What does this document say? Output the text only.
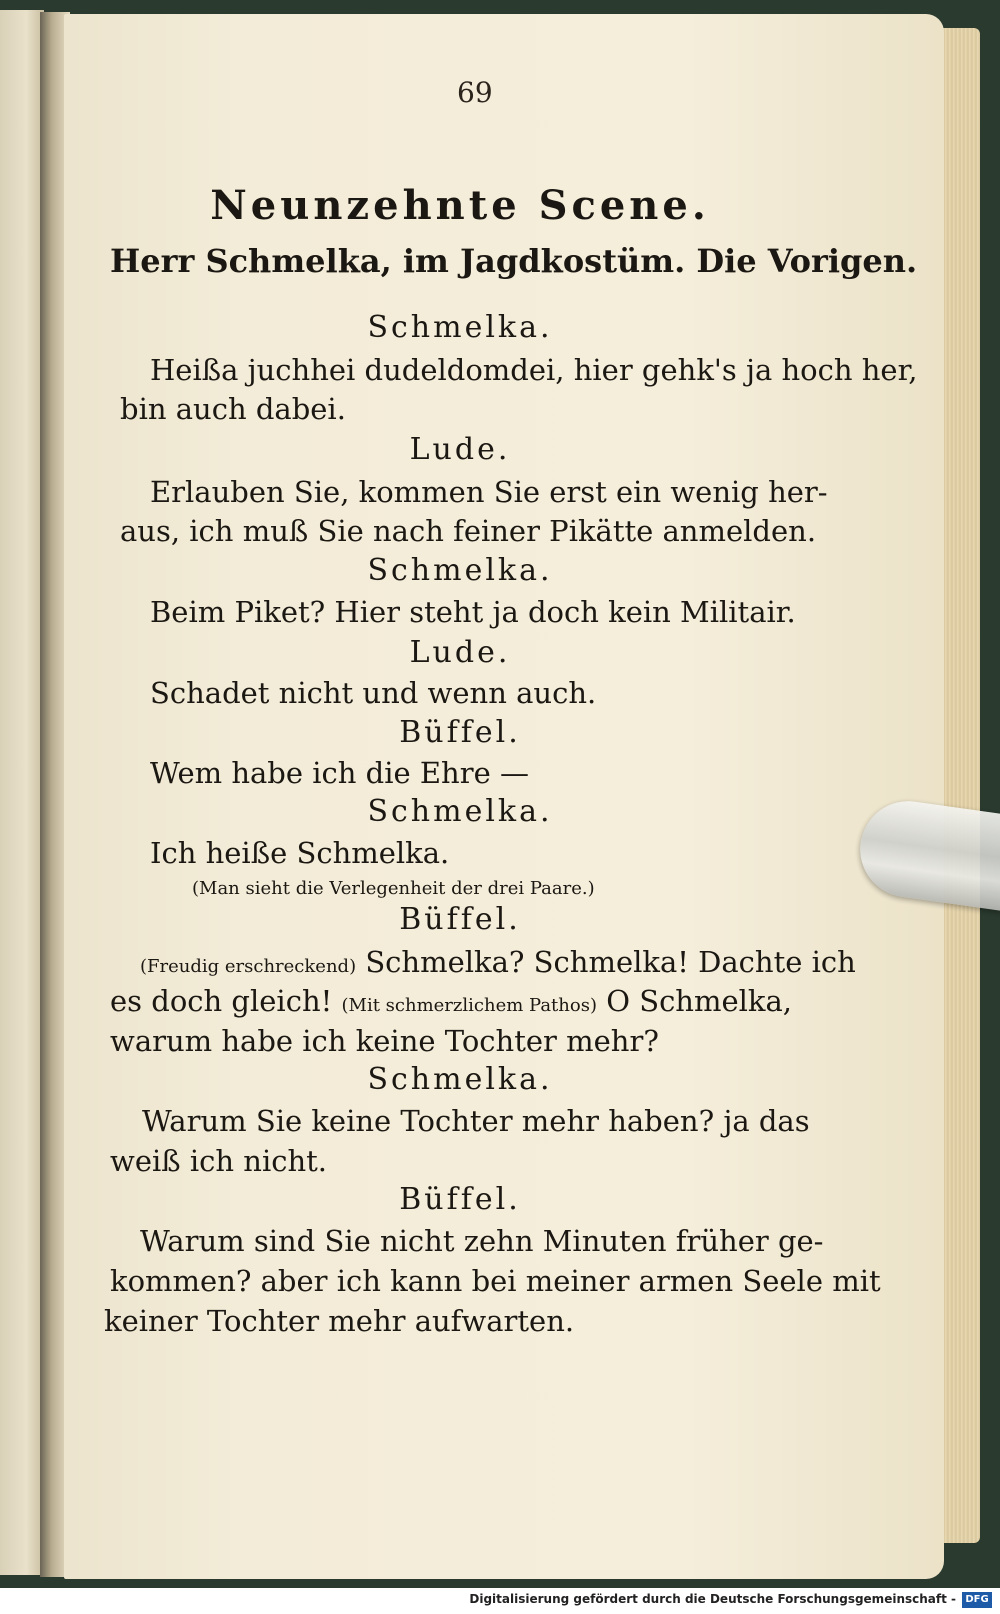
69
Neunzehnte Scene.
Herr Schmelka, im Jagdkostüm. Die Vorigen.
Schmelka.
Heißa juchhei dudeldomdei, hier gehk's ja hoch her,
bin auch dabei.
Lude.
Erlauben Sie, kommen Sie erst ein wenig her-
aus, ich muß Sie nach feiner Pikätte anmelden.
Schmelka.
Beim Piket? Hier steht ja doch kein Militair.
Lude.
Schadet nicht und wenn auch.
Büffel.
Wem habe ich die Ehre —
Schmelka.
Ich heiße Schmelka.
(Man sieht die Verlegenheit der drei Paare.)
Büffel.
(Freudig erschreckend) Schmelka? Schmelka! Dachte ich
es doch gleich! (Mit schmerzlichem Pathos) O Schmelka,
warum habe ich keine Tochter mehr?
Schmelka.
Warum Sie keine Tochter mehr haben? ja das
weiß ich nicht.
Büffel.
Warum sind Sie nicht zehn Minuten früher ge-
kommen? aber ich kann bei meiner armen Seele mit
keiner Tochter mehr aufwarten.
Digitalisierung gefördert durch die Deutsche Forschungsgemeinschaft - DFG
